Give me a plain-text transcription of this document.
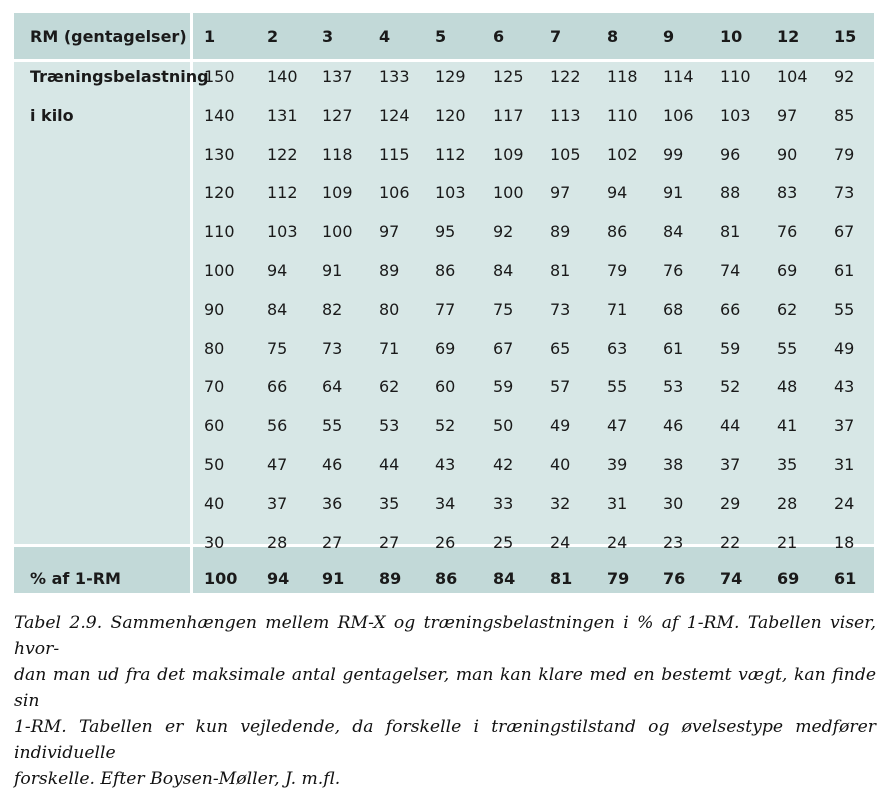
RM (gentagelser) 1	2	3	4	5	6	7	8	9	10 12 15
Træningsbelastning
i kilo
150 140 137 133 129 125 122 118 114 110 104 92
140 131 127 124 120 117 113 110 106 103 97 85
130 122 118 115 112 109 105 102 99 96 90 79
120 112 109 106 103 100 97 94 91 88 83 73
110 103 100 97 95 92 89 86 84 81 76 67
100 94 91 89 86 84 81 79 76 74 69 61
90	84 82 80 77 75 73 71 68 66 62 55
80	75 73 71 69 67 65 63 61 59 55 49
70	66 64 62 60 59 57 55 53 52 48 43
60	56 55 53 52 50 49 47 46 44 41 37
50	47 46 44 43 42 40 39 38 37 35 31
40	37 36 35 34 33 32 31 30 29 28 24
30	28 27 27 26 25 24 24 23 22 21 18
% af 1-RM	100 94 91 89 86 84 81 79 76 74 69 61
Tabel 2.9. Sammenhængen mellem RM-X og træningsbelastningen i % af 1-RM. Tabellen viser, hvor-
dan man ud fra det maksimale antal gentagelser, man kan klare med en bestemt vægt, kan finde sin
1-RM. Tabellen er kun vejledende, da forskelle i træningstilstand og øvelsestype medfører individuelle
forskelle. Efter Boysen-Møller, J. m.fl.
